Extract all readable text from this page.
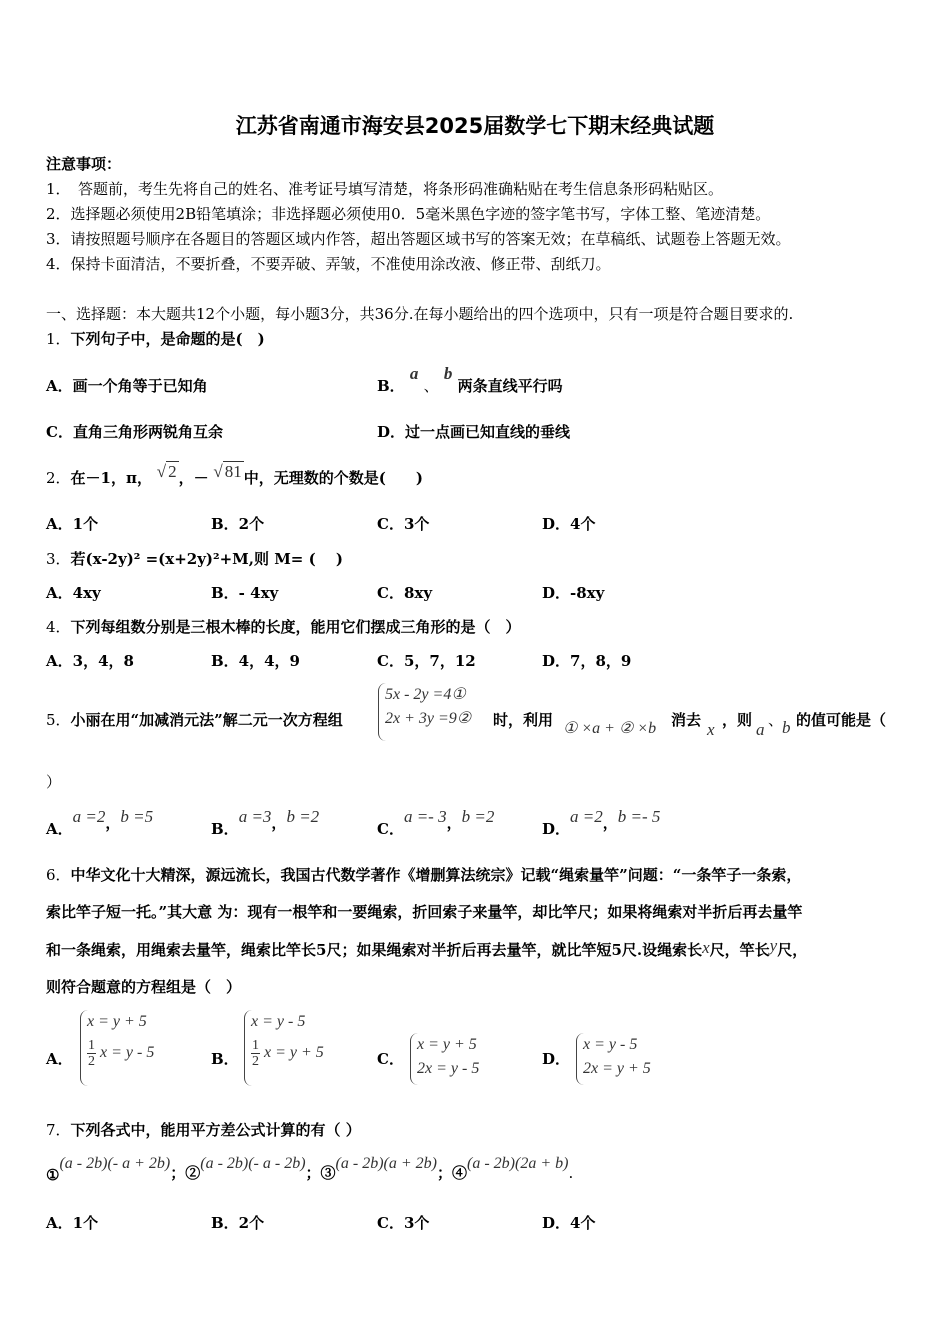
江苏省南通市海安县2025届数学七下期末经典试题
注意事项：
1．　答题前，考生先将自己的姓名、准考证号填写清楚，将条形码准确粘贴在考生信息条形码粘贴区。
2．选择题必须使用2B铅笔填涂；非选择题必须使用0．5毫米黑色字迹的签字笔书写，字体工整、笔迹清楚。
3．请按照题号顺序在各题目的答题区域内作答，超出答题区域书写的答案无效；在草稿纸、试题卷上答题无效。
4．保持卡面清洁，不要折叠，不要弄破、弄皱，不准使用涂改液、修正带、刮纸刀。
一、选择题：本大题共12个小题，每小题3分，共36分.在每小题给出的四个选项中，只有一项是符合题目要求的.
1．下列句子中，是命题的是(　)
A．画一个角等于已知角	B． a 、 b 两条直线平行吗
C．直角三角形两锐角互余	D．过一点画已知直线的垂线
2．在－1，π， √ 2 ，－ √ 81 中，无理数的个数是(　　)
A．1个	B．2个	C．3个	D．4个
3．若(x-2y)² =(x+2y)²+M,则 M= (　 )
A．4xy	B．- 4xy	C．8xy	D．-8xy
4．下列每组数分别是三根木棒的长度，能用它们摆成三角形的是（　）
A．3，4，8	B．4，4，9	C．5，7，12	D．7，8，9
5．小丽在用“加减消元法”解二元一次方程组
5x - 2y =4①
2x + 3y =9② 时，利用 ① ×a + ② ×b 消去 x ，则 a 、
b 的值可能是（
）
A．a =2，b =5
B．a =3，b =2
C．a =- 3，b =2
D．a =2，b =- 5
6．中华文化十大精深，源远流长，我国古代数学著作《增删算法统宗》记载“绳索量竿”问题：“一条竿子一条索，
索比竿子短一托。”其大意 为：现有一根竿和一要绳索，折回索子来量竿，却比竿尺；如果将绳索对半折后再去量竿
和一条绳索，用绳索去量竿，绳索比竿长5尺；如果绳索对半折后再去量竿，就比竿短5尺.设绳索长x尺，竿长y尺，
则符合题意的方程组是（　）
A．
x = y + 5
$\frac{1}{2}$ x = y - 5	B．
x = y - 5
$\frac{1}{2}$ x = y + 5	C．
x = y + 5
2x = y - 5
D．
x = y - 5
2x = y + 5
7．下列各式中，能用平方差公式计算的有（ ）
①(a - 2b)(- a + 2b)；②(a - 2b)(- a - 2b)；③(a - 2b)(a + 2b)；④(a - 2b)(2a + b).
A．1个	B．2个	C．3个	D．4个
